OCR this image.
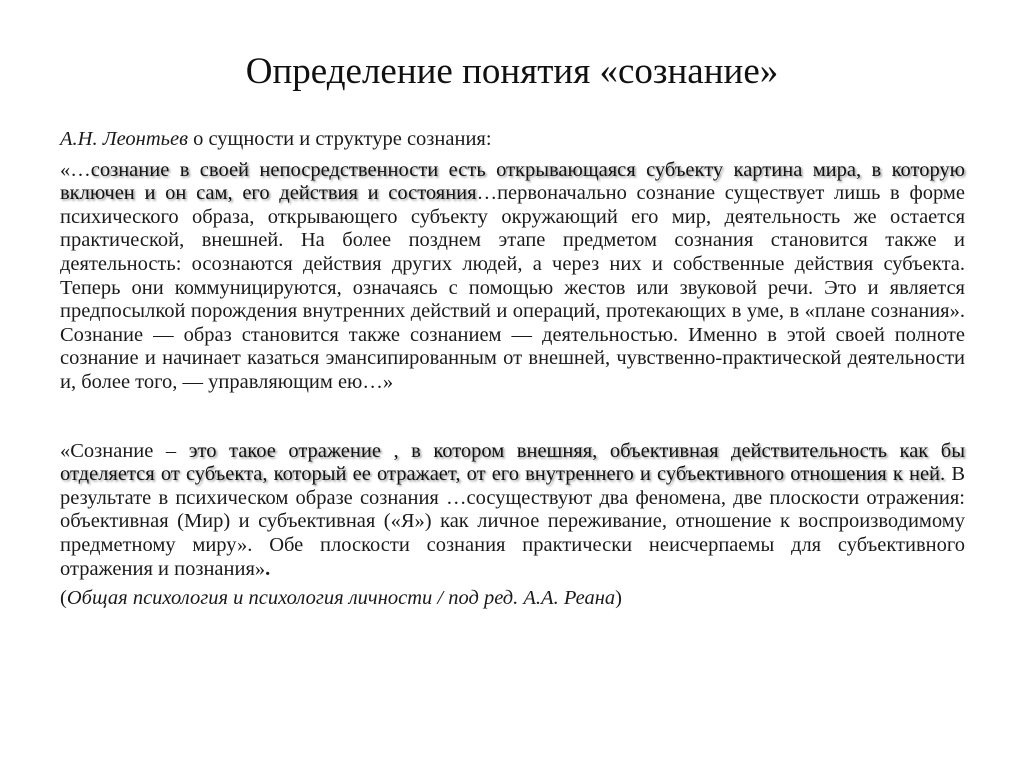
Определение понятия «сознание»

А.Н. Леонтьев о сущности и структуре сознания:

«…сознание в своей непосредственности есть открывающаяся субъекту картина мира, в которую включен и он сам, его действия и состояния…первоначально сознание существует лишь в форме психического образа, открывающего субъекту окружающий его мир, деятельность же остается практической, внешней. На более позднем этапе предметом сознания становится также и деятельность: осознаются действия других людей, а через них и собственные действия субъекта. Теперь они коммуницируются, означаясь с помощью жестов или звуковой речи. Это и является предпосылкой порождения внутренних действий и операций, протекающих в уме, в «плане сознания». Сознание — образ становится также сознанием — деятельностью. Именно в этой своей полноте сознание и начинает казаться эмансипированным от внешней, чувственно-практической деятельности и, более того, — управляющим ею…»

«Сознание – это такое отражение , в котором внешняя, объективная действительность как бы отделяется от субъекта, который ее отражает, от его внутреннего и субъективного отношения к ней. В результате в психическом образе сознания …сосуществуют два феномена, две плоскости отражения: объективная (Мир) и субъективная («Я») как личное переживание, отношение к воспроизводимому предметному миру». Обе плоскости сознания практически неисчерпаемы для субъективного отражения и познания».

(Общая психология и психология личности / под ред. А.А. Реана)
